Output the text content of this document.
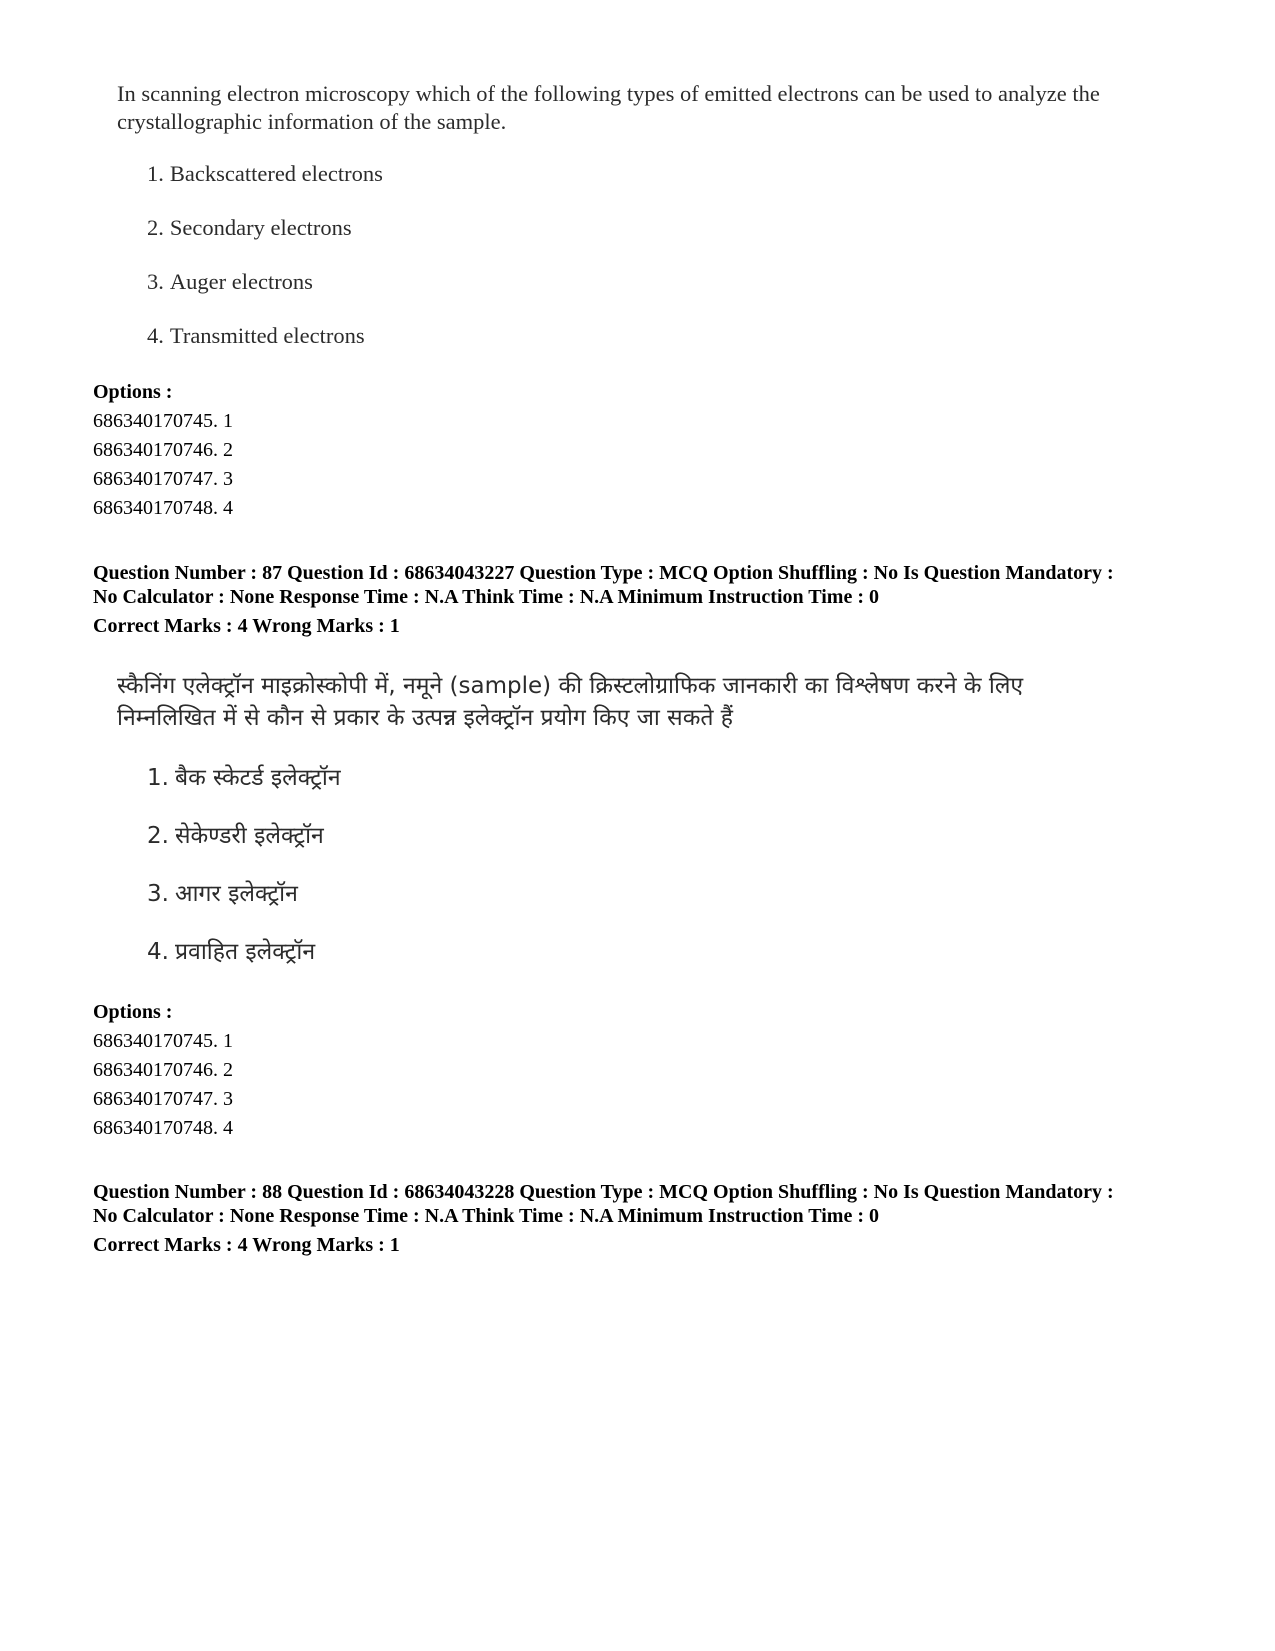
In scanning electron microscopy which of the following types of emitted electrons can be used to analyze the crystallographic information of the sample.

1. Backscattered electrons
2. Secondary electrons
3. Auger electrons
4. Transmitted electrons
Options :
686340170745. 1
686340170746. 2
686340170747. 3
686340170748. 4
Question Number : 87 Question Id : 68634043227 Question Type : MCQ Option Shuffling : No Is Question Mandatory :
No Calculator : None Response Time : N.A Think Time : N.A Minimum Instruction Time : 0
Correct Marks : 4 Wrong Marks : 1

स्कैनिंग एलेक्ट्रॉन माइक्रोस्कोपी में, नमूने (sample) की क्रिस्टलोग्राफिक जानकारी का विश्लेषण करने के लिए

निम्नलिखित में से कौन से प्रकार के उत्पन्न इलेक्ट्रॉन प्रयोग किए जा सकते हैं

1. बैक स्केटर्ड इलेक्ट्रॉन
2. सेकेण्डरी इलेक्ट्रॉन
3. आगर इलेक्ट्रॉन
4. प्रवाहित इलेक्ट्रॉन
Options :
686340170745. 1
686340170746. 2
686340170747. 3
686340170748. 4
Question Number : 88 Question Id : 68634043228 Question Type : MCQ Option Shuffling : No Is Question Mandatory :
No Calculator : None Response Time : N.A Think Time : N.A Minimum Instruction Time : 0
Correct Marks : 4 Wrong Marks : 1
